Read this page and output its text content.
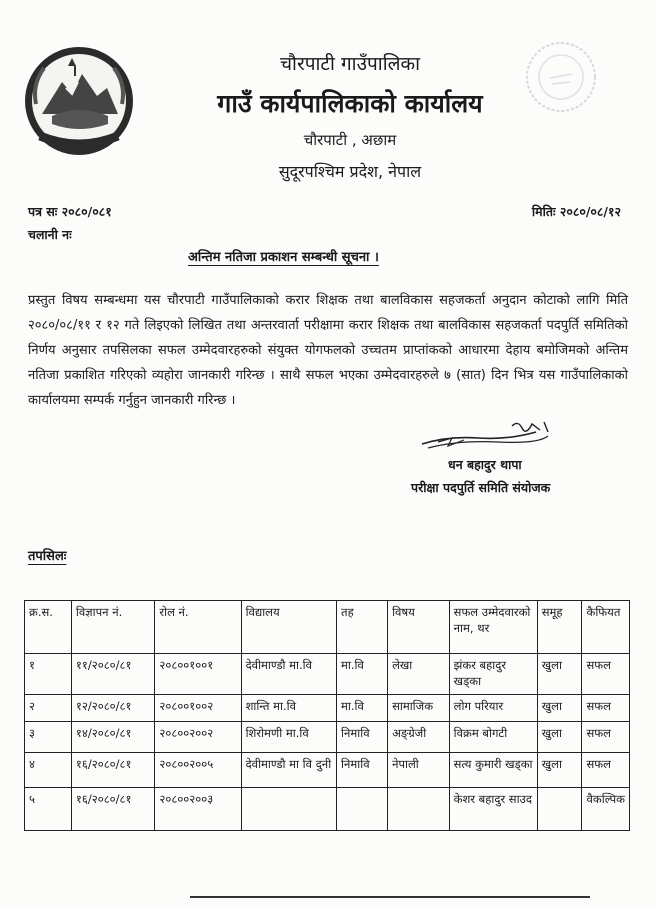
चौरपाटी गाउँपालिका
गाउँ कार्यपालिकाको कार्यालय
चौरपाटी , अछाम
सुदूरपश्चिम प्रदेश, नेपाल
पत्र सः २०८०/०८१	मितिः २०८०/०८/१२
चलानी नः
अन्तिम नतिजा प्रकाशन सम्बन्धी सूचना ।
प्रस्तुत विषय सम्बन्धमा यस चौरपाटी गाउँपालिकाको करार शिक्षक तथा बालविकास सहजकर्ता अनुदान कोटाको लागि मिति २०८०/०८/११ र १२ गते लिइएको लिखित तथा अन्तरवार्ता परीक्षामा करार शिक्षक तथा बालविकास सहजकर्ता पदपुर्ति समितिको निर्णय अनुसार तपसिलका सफल उम्मेदवारहरुको संयुक्त योगफलको उच्चतम प्राप्तांकको आधारमा देहाय बमोजिमको अन्तिम नतिजा प्रकाशित गरिएको व्यहोरा जानकारी गरिन्छ । साथै सफल भएका उम्मेदवारहरुले ७ (सात) दिन भित्र यस गाउँपालिकाको कार्यालयमा सम्पर्क गर्नुहुन जानकारी गरिन्छ ।
धन बहादुर थापा
परीक्षा पदपुर्ति समिति संयोजक
तपसिलः
क्र.स.	विज्ञापन नं.	रोल नं.	विद्यालय	तह	विषय	सफल उम्मेदवारको नाम, थर	समूह	कैफियत
१	११/२०८०/८१	२०८००१००१	देवीमाण्डौ मा.वि	मा.वि	लेखा	झंकर बहादुर खड्का	खुला	सफल
२	१२/२०८०/८१	२०८००१००२	शान्ति मा.वि	मा.वि	सामाजिक	लोग परियार	खुला	सफल
३	१४/२०८०/८१	२०८००२००२	शिरोमणी मा.वि	निमावि	अङ्ग्रेजी	विक्रम बोगटी	खुला	सफल
४	१६/२०८०/८१	२०८००२००५	देवीमाण्डौ मा वि दुनी	निमावि	नेपाली	सत्य कुमारी खड्का	खुला	सफल
५	१६/२०८०/८१	२०८००२००३				केशर बहादुर साउद		वैकल्पिक
